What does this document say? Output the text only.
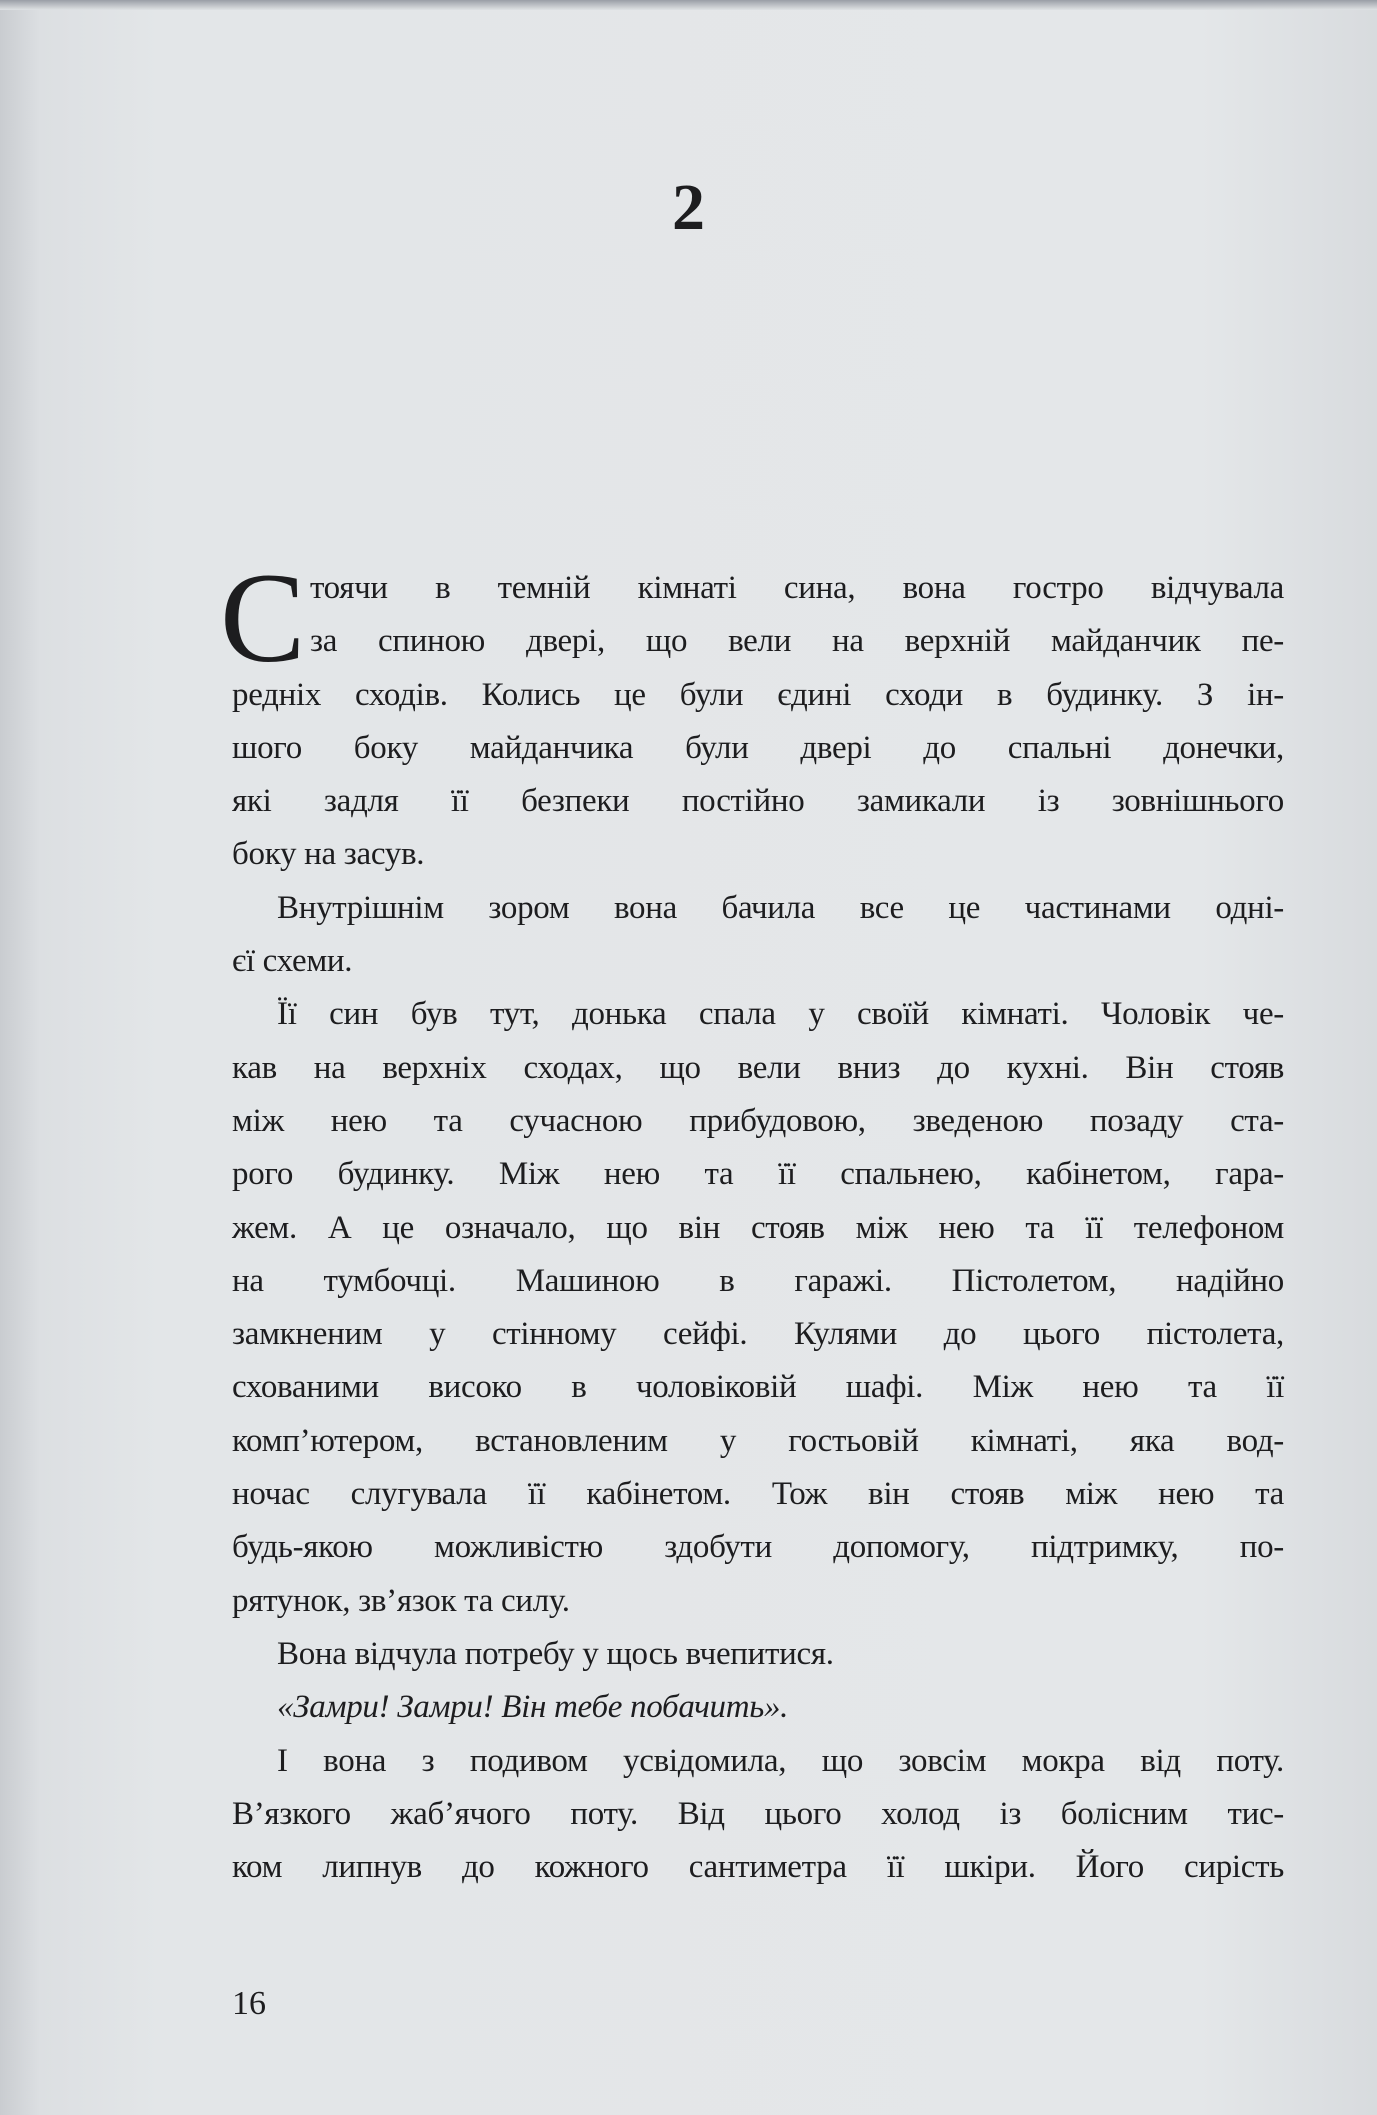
2
С тоячи в темній кімнаті сина, вона гостро відчувала
за спиною двері, що вели на верхній майданчик пе-
редніх сходів. Колись це були єдині сходи в будинку. З ін-
шого боку майданчика були двері до спальні донечки,
які задля її безпеки постійно замикали із зовнішнього
боку на засув.
Внутрішнім зором вона бачила все це частинами одні-
єї схеми.
Її син був тут, донька спала у своїй кімнаті. Чоловік че-
кав на верхніх сходах, що вели вниз до кухні. Він стояв
між нею та сучасною прибудовою, зведеною позаду ста-
рого будинку. Між нею та її спальнею, кабінетом, гара-
жем. А це означало, що він стояв між нею та її телефоном
на тумбочці. Машиною в гаражі. Пістолетом, надійно
замкненим у стінному сейфі. Кулями до цього пістолета,
схованими високо в чоловіковій шафі. Між нею та її
комп’ютером, встановленим у гостьовій кімнаті, яка вод-
ночас слугувала її кабінетом. Тож він стояв між нею та
будь-якою можливістю здобути допомогу, підтримку, по-
рятунок, зв’язок та силу.
Вона відчула потребу у щось вчепитися.
«Замри! Замри! Він тебе побачить».
І вона з подивом усвідомила, що зовсім мокра від поту.
В’язкого жаб’ячого поту. Від цього холод із болісним тис-
ком липнув до кожного сантиметра її шкіри. Його сирість
16
